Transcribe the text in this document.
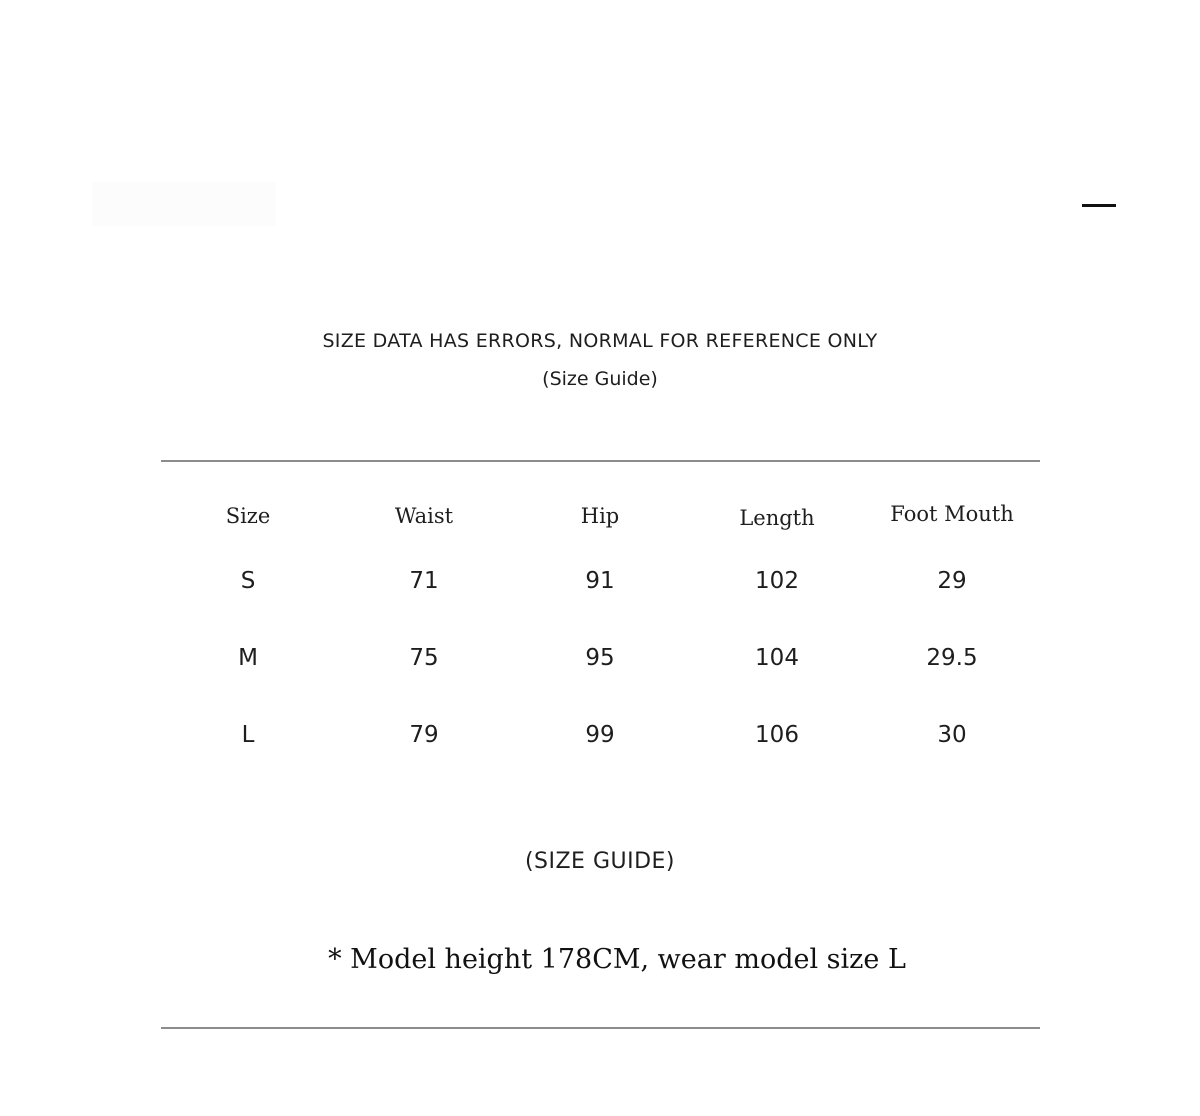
SIZE DATA HAS ERRORS, NORMAL FOR REFERENCE ONLY

(Size Guide)

Size	Waist	Hip	Length	Foot Mouth
S	71	91	102	29
M	75	95	104	29.5
L	79	99	106	30
(SIZE GUIDE)
* Model height 178CM, wear model size L
